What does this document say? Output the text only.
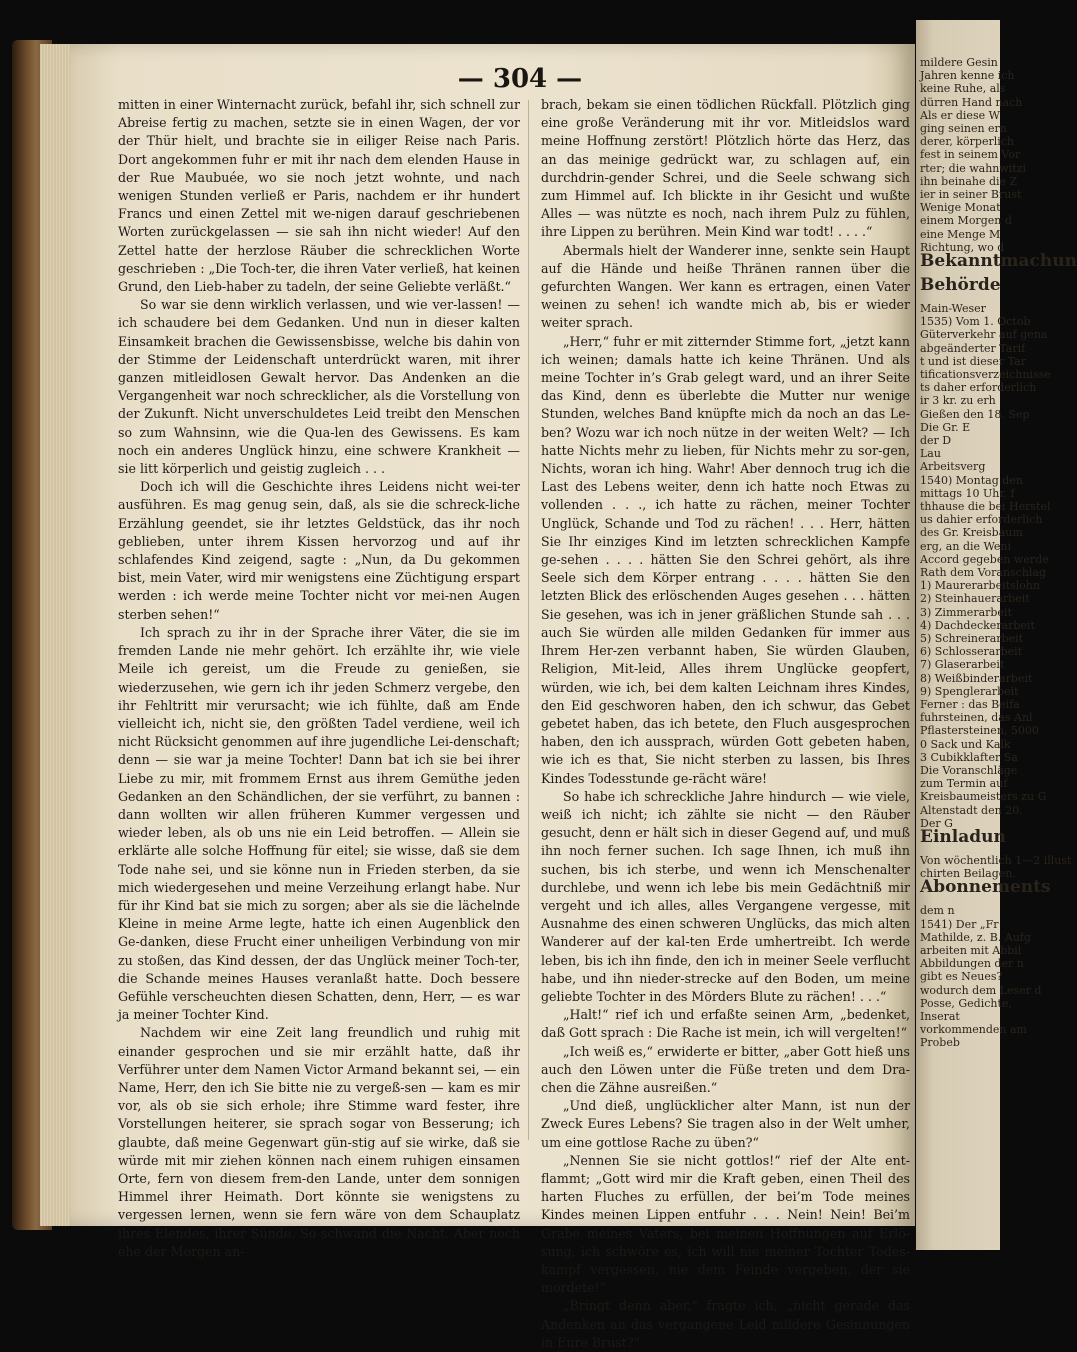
— 304 —

mitten in einer Winternacht zurück, befahl ihr, sich schnell zur Abreise fertig zu machen, setzte sie in einen Wagen, der vor der Thür hielt, und brachte sie in eiliger Reise nach Paris. Dort angekommen fuhr er mit ihr nach dem elenden Hause in der Rue Maubuée, wo sie noch jetzt wohnte, und nach wenigen Stunden verließ er Paris, nachdem er ihr hundert Francs und einen Zettel mit we-nigen darauf geschriebenen Worten zurückgelassen — sie sah ihn nicht wieder! Auf den Zettel hatte der herzlose Räuber die schrecklichen Worte geschrieben : „Die Toch-ter, die ihren Vater verließ, hat keinen Grund, den Lieb-haber zu tadeln, der seine Geliebte verläßt.“

So war sie denn wirklich verlassen, und wie ver-lassen! — ich schaudere bei dem Gedanken. Und nun in dieser kalten Einsamkeit brachen die Gewissensbisse, welche bis dahin von der Stimme der Leidenschaft unterdrückt waren, mit ihrer ganzen mitleidlosen Gewalt hervor. Das Andenken an die Vergangenheit war noch schrecklicher, als die Vorstellung von der Zukunft. Nicht unverschuldetes Leid treibt den Menschen so zum Wahnsinn, wie die Qua-len des Gewissens. Es kam noch ein anderes Unglück hinzu, eine schwere Krankheit — sie litt körperlich und geistig zugleich . . .

Doch ich will die Geschichte ihres Leidens nicht wei-ter ausführen. Es mag genug sein, daß, als sie die schreck-liche Erzählung geendet, sie ihr letztes Geldstück, das ihr noch geblieben, unter ihrem Kissen hervorzog und auf ihr schlafendes Kind zeigend, sagte : „Nun, da Du gekommen bist, mein Vater, wird mir wenigstens eine Züchtigung erspart werden : ich werde meine Tochter nicht vor mei-nen Augen sterben sehen!“

Ich sprach zu ihr in der Sprache ihrer Väter, die sie im fremden Lande nie mehr gehört. Ich erzählte ihr, wie viele Meile ich gereist, um die Freude zu genießen, sie wiederzusehen, wie gern ich ihr jeden Schmerz vergebe, den ihr Fehltritt mir verursacht; wie ich fühlte, daß am Ende vielleicht ich, nicht sie, den größten Tadel verdiene, weil ich nicht Rücksicht genommen auf ihre jugendliche Lei-denschaft; denn — sie war ja meine Tochter! Dann bat ich sie bei ihrer Liebe zu mir, mit frommem Ernst aus ihrem Gemüthe jeden Gedanken an den Schändlichen, der sie verführt, zu bannen : dann wollten wir allen früheren Kummer vergessen und wieder leben, als ob uns nie ein Leid betroffen. — Allein sie erklärte alle solche Hoffnung für eitel; sie wisse, daß sie dem Tode nahe sei, und sie könne nun in Frieden sterben, da sie mich wiedergesehen und meine Verzeihung erlangt habe. Nur für ihr Kind bat sie mich zu sorgen; aber als sie die lächelnde Kleine in meine Arme legte, hatte ich einen Augenblick den Ge-danken, diese Frucht einer unheiligen Verbindung von mir zu stoßen, das Kind dessen, der das Unglück meiner Toch-ter, die Schande meines Hauses veranlaßt hatte. Doch bessere Gefühle verscheuchten diesen Schatten, denn, Herr, — es war ja meiner Tochter Kind.

Nachdem wir eine Zeit lang freundlich und ruhig mit einander gesprochen und sie mir erzählt hatte, daß ihr Verführer unter dem Namen Victor Armand bekannt sei, — ein Name, Herr, den ich Sie bitte nie zu vergeß-sen — kam es mir vor, als ob sie sich erhole; ihre Stimme ward fester, ihre Vorstellungen heiterer, sie sprach sogar von Besserung; ich glaubte, daß meine Gegenwart gün-stig auf sie wirke, daß sie würde mit mir ziehen können nach einem ruhigen einsamen Orte, fern von diesem frem-den Lande, unter dem sonnigen Himmel ihrer Heimath. Dort könnte sie wenigstens zu vergessen lernen, wenn sie fern wäre von dem Schauplatz ihres Elendes, ihrer Sünde. So schwand die Nacht. Aber noch ehe der Morgen an-

brach, bekam sie einen tödlichen Rückfall. Plötzlich ging eine große Veränderung mit ihr vor. Mitleidslos ward meine Hoffnung zerstört! Plötzlich hörte das Herz, das an das meinige gedrückt war, zu schlagen auf, ein durchdrin-gender Schrei, und die Seele schwang sich zum Himmel auf. Ich blickte in ihr Gesicht und wußte Alles — was nützte es noch, nach ihrem Pulz zu fühlen, ihre Lippen zu berühren. Mein Kind war todt! . . . .“

Abermals hielt der Wanderer inne, senkte sein Haupt auf die Hände und heiße Thränen rannen über die gefurchten Wangen. Wer kann es ertragen, einen Vater weinen zu sehen! ich wandte mich ab, bis er wieder weiter sprach.

„Herr,“ fuhr er mit zitternder Stimme fort, „jetzt kann ich weinen; damals hatte ich keine Thränen. Und als meine Tochter in’s Grab gelegt ward, und an ihrer Seite das Kind, denn es überlebte die Mutter nur wenige Stunden, welches Band knüpfte mich da noch an das Le-ben? Wozu war ich noch nütze in der weiten Welt? — Ich hatte Nichts mehr zu lieben, für Nichts mehr zu sor-gen, Nichts, woran ich hing. Wahr! Aber dennoch trug ich die Last des Lebens weiter, denn ich hatte noch Etwas zu vollenden . . ., ich hatte zu rächen, meiner Tochter Unglück, Schande und Tod zu rächen! . . . Herr, hätten Sie Ihr einziges Kind im letzten schrecklichen Kampfe ge-sehen . . . . hätten Sie den Schrei gehört, als ihre Seele sich dem Körper entrang . . . . hätten Sie den letzten Blick des erlöschenden Auges gesehen . . . hätten Sie gesehen, was ich in jener gräßlichen Stunde sah . . . auch Sie würden alle milden Gedanken für immer aus Ihrem Her-zen verbannt haben, Sie würden Glauben, Religion, Mit-leid, Alles ihrem Unglücke geopfert, würden, wie ich, bei dem kalten Leichnam ihres Kindes, den Eid geschworen haben, den ich schwur, das Gebet gebetet haben, das ich betete, den Fluch ausgesprochen haben, den ich aussprach, würden Gott gebeten haben, wie ich es that, Sie nicht sterben zu lassen, bis Ihres Kindes Todesstunde ge-rächt wäre!

So habe ich schreckliche Jahre hindurch — wie viele, weiß ich nicht; ich zählte sie nicht — den Räuber gesucht, denn er hält sich in dieser Gegend auf, und muß ihn noch ferner suchen. Ich sage Ihnen, ich muß ihn suchen, bis ich sterbe, und wenn ich Menschenalter durchlebe, und wenn ich lebe bis mein Gedächtniß mir vergeht und ich alles, alles Vergangene vergesse, mit Ausnahme des einen schweren Unglücks, das mich alten Wanderer auf der kal-ten Erde umhertreibt. Ich werde leben, bis ich ihn finde, den ich in meiner Seele verflucht habe, und ihn nieder-strecke auf den Boden, um meine geliebte Tochter in des Mörders Blute zu rächen! . . .“

„Halt!“ rief ich und erfaßte seinen Arm, „bedenket, daß Gott sprach : Die Rache ist mein, ich will vergelten!“

„Ich weiß es,“ erwiderte er bitter, „aber Gott hieß uns auch den Löwen unter die Füße treten und dem Dra-chen die Zähne ausreißen.“

„Und dieß, unglücklicher alter Mann, ist nun der Zweck Eures Lebens? Sie tragen also in der Welt umher, um eine gottlose Rache zu üben?“

„Nennen Sie sie nicht gottlos!“ rief der Alte ent-flammt; „Gott wird mir die Kraft geben, einen Theil des harten Fluches zu erfüllen, der bei’m Tode meines Kindes meinen Lippen entfuhr . . . Nein! Nein! Bei’m Grabe meines Vaters, bei meinen Hoffnungen auf Erlö-sung, ich schwöre es, ich will nie meiner Tochter Todes-kampf vergessen, nie dem Feinde vergeben, der sie mordete!“

„Bringt denn aber,“ fragte ich, „nicht gerade das Andenken an das vergangene Leid mildere Gesinnungen in Eure Brust?“

mildere Gesin
Jahren kenne ich
keine Ruhe, als
dürren Hand nach
Als er diese W
ging seinen ern
derer, körperlich
fest in seinem Vor
rter; die wahnwitzi
ihn beinahe die Z
ier in seiner Brust
Wenige Monat
einem Morgen d
eine Menge M
Richtung, wo d
Bekanntmachun
Behörde
Main-Weser
1535) Vom 1. Octob
Güterverkehr auf gena
abgeänderter Tarif
t und ist dieser Tar
tificationsverzeichnisse
ts daher erforderlich
ir 3 kr. zu erh
Gießen den 18. Sep
Die Gr. E
der D
Lau
Arbeitsverg
1540) Montag den
mittags 10 Uhr, f
thhause die bei Herstel
us dahier erforderlich
des Gr. Kreisbaum
erg, an die Weni
Accord gegeben werde
Rath dem Voranschlag
1) Maurerarbeitslohn
2) Steinhauerarbeit
3) Zimmerarbeit
4) Dachdeckerarbeit
5) Schreinerarbeit
6) Schlosserarbeit
7) Glaserarbeit
8) Weißbinderarbeit
9) Spenglerarbeit
Ferner : das Beifa
fuhrsteinen, das Anl
Pflastersteinen, 5000
0 Sack und Kalk
3 Cubikklafter Sa
Die Voranschläge
zum Termin auf
Kreisbaumeisters zu G
Altenstadt den 20.
Der G
Einladun
Von wöchentlich 1—2 illust
chirten Beilagen.
Abonnements
dem n
1541) Der „Fr
Mathilde, z. B. Aufg
arbeiten mit Abbil
Abbildungen der n
gibt es Neues?
wodurch dem Leser d
Posse, Gedichte,
Inserat
vorkommenden am
Probeb
